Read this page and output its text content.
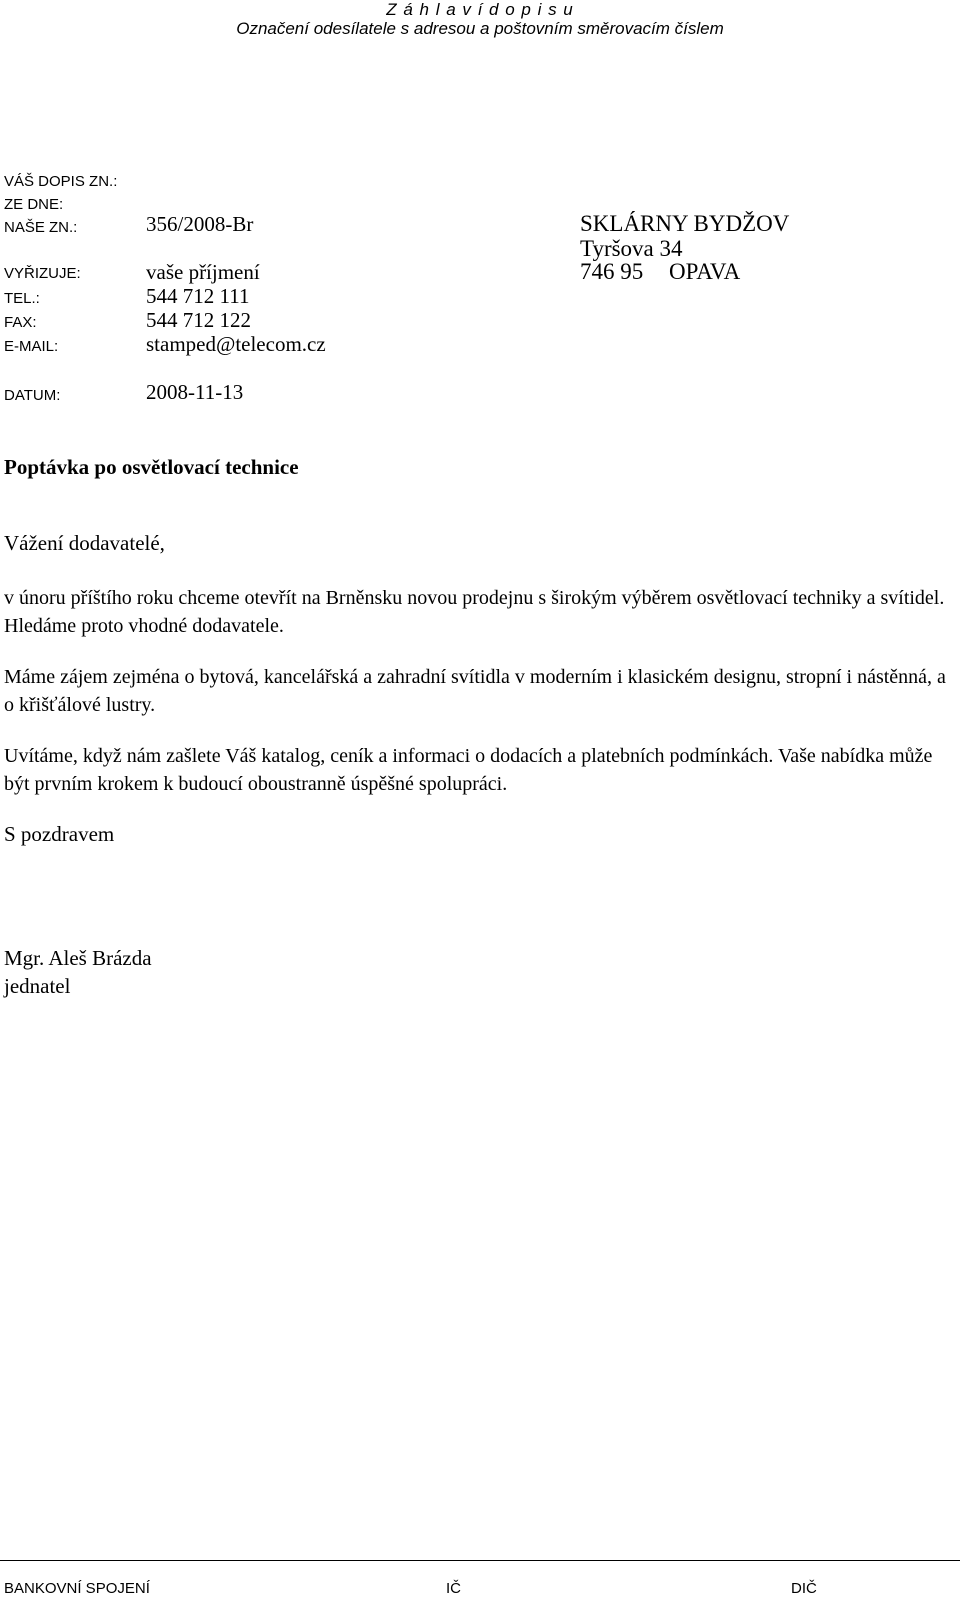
Z á h l a v í d o p i s u
Označení odesílatele s adresou a poštovním směrovacím číslem
VÁŠ DOPIS ZN.:
ZE DNE:
NAŠE ZN.:	356/2008-Br
VYŘIZUJE:	vaše příjmení
TEL.:	544 712 111
FAX:	544 712 122
E-MAIL:	stamped@telecom.cz
DATUM:	2008-11-13
SKLÁRNY BYDŽOV
Tyršova 34
746 95 OPAVA
Poptávka po osvětlovací technice
Vážení dodavatelé,
v únoru příštího roku chceme otevřít na Brněnsku novou prodejnu s širokým výběrem osvětlovací techniky a svítidel. Hledáme proto vhodné dodavatele.
Máme zájem zejména o bytová, kancelářská a zahradní svítidla v moderním i klasickém designu, stropní i nástěnná, a o křišťálové lustry.
Uvítáme, když nám zašlete Váš katalog, ceník a informaci o dodacích a platebních podmínkách. Vaše nabídka může být prvním krokem k budoucí oboustranně úspěšné spolupráci.
S pozdravem
Mgr. Aleš Brázda
jednatel
BANKOVNÍ SPOJENÍ	IČ	DIČ
